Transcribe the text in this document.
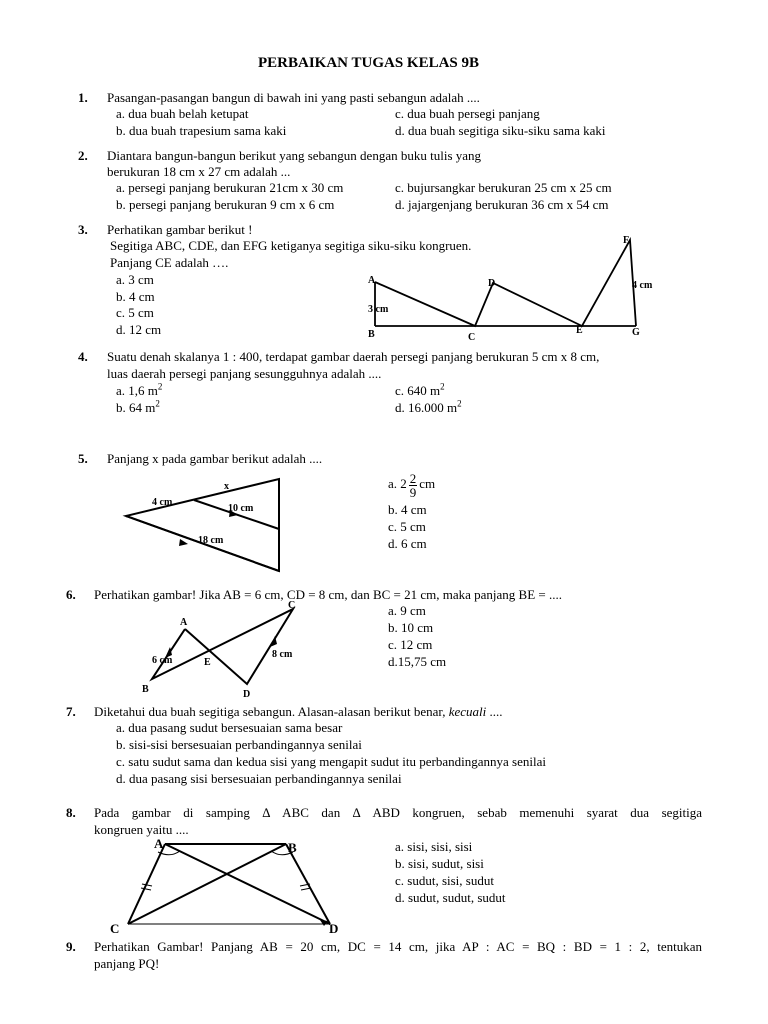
PERBAIKAN TUGAS KELAS 9B
1. Pasangan-pasangan bangun di bawah ini yang pasti sebangun adalah ....
a. dua buah belah ketupat	c. dua buah persegi panjang
b. dua buah trapesium sama kaki	d. dua buah segitiga siku-siku sama kaki
2. Diantara bangun-bangun berikut yang sebangun dengan buku tulis yang
berukuran 18 cm x 27 cm adalah ...
a. persegi panjang berukuran 21cm x 30 cm	c. bujursangkar berukuran 25 cm x 25 cm
b. persegi panjang berukuran 9 cm x 6 cm	d. jajargenjang berukuran 36 cm x 54 cm
3. Perhatikan gambar berikut !
Segitiga ABC, CDE, dan EFG ketiganya segitiga siku-siku kongruen.
Panjang CE adalah ….
a. 3 cm
b. 4 cm
c. 5 cm
d. 12 cm
A
B	C
D
E
F
G
3 cm
4 cm
4. Suatu denah skalanya 1 : 400, terdapat gambar daerah persegi panjang berukuran 5 cm x 8 cm,
luas daerah persegi panjang sesungguhnya adalah ....
a. 1,6 $m^2$	c. 640 $m^2$
b. 64 $m^2$	d. 16.000 $m^2$
5. Panjang x pada gambar berikut adalah ....
x
4 cm
10 cm
18 cm
a. $2 \frac{2}{9}$ cm
b. 4 cm
c. 5 cm
d. 6 cm
6. Perhatikan gambar! Jika AB = 6 cm, CD = 8 cm, dan BC = 21 cm, maka panjang BE = ....
a. 9 cm
b. 10 cm
c. 12 cm
d.15,75 cm
A
B
C
D
E
6 cm
8 cm
7. Diketahui dua buah segitiga sebangun. Alasan-alasan berikut benar, kecuali ....
a. dua pasang sudut bersesuaian sama besar
b. sisi-sisi bersesuaian perbandingannya senilai
c. satu sudut sama dan kedua sisi yang mengapit sudut itu perbandingannya senilai
d. dua pasang sisi bersesuaian perbandingannya senilai
8. Pada gambar di samping ∆ ABC dan ∆ ABD kongruen, sebab memenuhi syarat dua segitiga
kongruen yaitu ....
a. sisi, sisi, sisi
b. sisi, sudut, sisi
c. sudut, sisi, sudut
d. sudut, sudut, sudut
A	B
C	D
9. Perhatikan Gambar! Panjang AB = 20 cm, DC = 14 cm, jika AP : AC = BQ : BD = 1 : 2, tentukan
panjang PQ!
